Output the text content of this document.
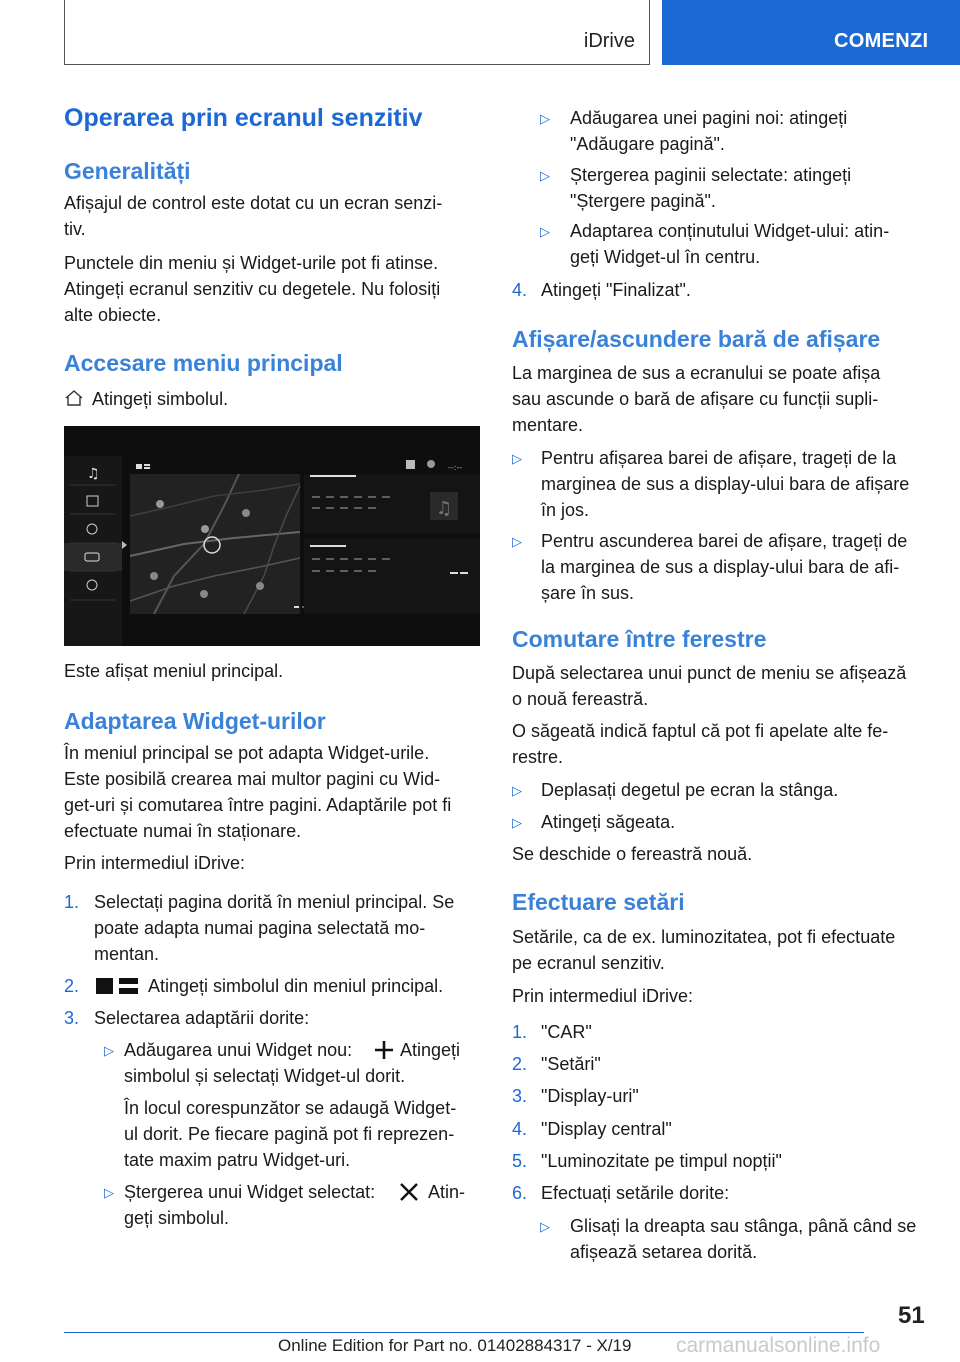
iDrive	COMENZI
Operarea prin ecranul senzitiv
Generalități
Afișajul de control este dotat cu un ecran senzi-
tiv.
Punctele din meniu și Widget-urile pot fi atinse.
Atingeți ecranul senzitiv cu degetele. Nu folosiți
alte obiecte.
Accesare meniu principal
Atingeți simbolul.
♫	--:--
♫
Este afișat meniul principal.
Adaptarea Widget-urilor
În meniul principal se pot adapta Widget-urile.
Este posibilă crearea mai multor pagini cu Wid-
get-uri și comutarea între pagini. Adaptările pot fi
efectuate numai în staționare.
Prin intermediul iDrive:
1. Selectați pagina dorită în meniul principal. Se
poate adapta numai pagina selectată mo-
mentan.
2.	Atingeți simbolul din meniul principal.
3. Selectarea adaptării dorite:
▷ Adăugarea unui Widget nou:	Atingeți
simbolul și selectați Widget-ul dorit.
În locul corespunzător se adaugă Widget-
ul dorit. Pe fiecare pagină pot fi reprezen-
tate maxim patru Widget-uri.
▷ Ștergerea unui Widget selectat:	Atin-
geți simbolul.
▷ Adăugarea unei pagini noi: atingeți
"Adăugare pagină".
▷ Ștergerea paginii selectate: atingeți
"Ștergere pagină".
▷ Adaptarea conținutului Widget-ului: atin-
geți Widget-ul în centru.
4. Atingeți "Finalizat".
Afișare/ascundere bară de afișare
La marginea de sus a ecranului se poate afișa
sau ascunde o bară de afișare cu funcții supli-
mentare.
▷ Pentru afișarea barei de afișare, trageți de la
marginea de sus a display-ului bara de afișare
în jos.
▷ Pentru ascunderea barei de afișare, trageți de
la marginea de sus a display-ului bara de afi-
șare în sus.
Comutare între ferestre
După selectarea unui punct de meniu se afișează
o nouă fereastră.
O săgeată indică faptul că pot fi apelate alte fe-
restre.
▷ Deplasați degetul pe ecran la stânga.
▷ Atingeți săgeata.
Se deschide o fereastră nouă.
Efectuare setări
Setările, ca de ex. luminozitatea, pot fi efectuate
pe ecranul senzitiv.
Prin intermediul iDrive:
1. "CAR"
2. "Setări"
3. "Display-uri"
4. "Display central"
5. "Luminozitate pe timpul nopții"
6. Efectuați setările dorite:
▷ Glisați la dreapta sau stânga, până când se
afișează setarea dorită.
51
Online Edition for Part no. 01402884317 - X/19 carmanualsonline.info
